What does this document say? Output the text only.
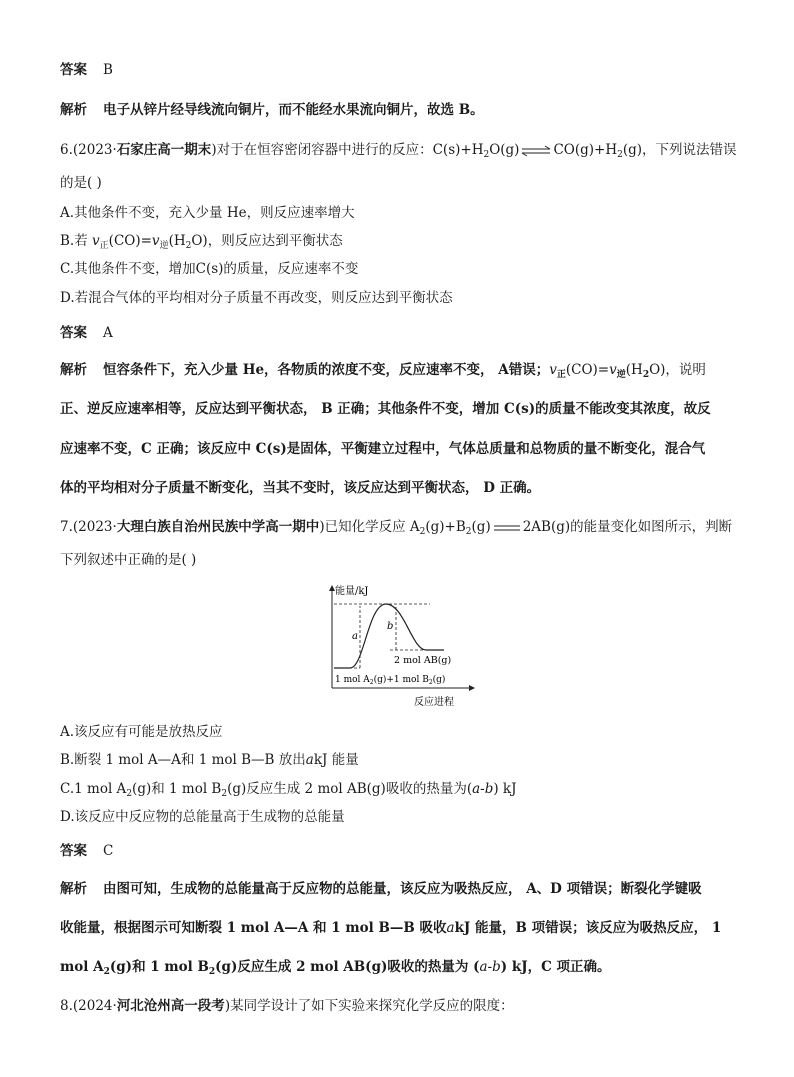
答案 B
解析 电子从锌片经导线流向铜片，而不能经水果流向铜片，故选 B。
6.(2023·石家庄高一期末)对于在恒容密闭容器中进行的反应：$C(s)+H_2O(g)$ ⇌ $CO(g)+H_2(g)$，下列说法错误
的是( )
A.其他条件不变，充入少量 He，则反应速率增大
B.若 $v_正(CO)=v_逆(H_2O)$，则反应达到平衡状态
C.其他条件不变，增加C(s)的质量，反应速率不变
D.若混合气体的平均相对分子质量不再改变，则反应达到平衡状态
答案 A
解析 恒容条件下，充入少量 He，各物质的浓度不变，反应速率不变， A错误；$v_正(CO)=v_逆(H_2O)$，说明
正、逆反应速率相等，反应达到平衡状态， B 正确；其他条件不变，增加 C(s)的质量不能改变其浓度，故反
应速率不变，C 正确；该反应中 C(s)是固体，平衡建立过程中，气体总质量和总物质的量不断变化，混合气
体的平均相对分子质量不断变化，当其不变时，该反应达到平衡状态， D 正确。
7.(2023·大理白族自治州民族中学高一期中)已知化学反应 $A_2(g)+B_2(g)$ 2AB(g)的能量变化如图所示，判断
下列叙述中正确的是( )
能量/kJ
反应进程
a
b
2 mol AB(g)
1 mol $A_2(g)+1$ mol $B_2(g)$
A.该反应有可能是放热反应
B.断裂 1 mol A—A和 1 mol B—B 放出akJ 能量
C.1 mol $A_2(g)$和 1 mol $B_2(g)$反应生成 2 mol AB(g)吸收的热量为(a-b) kJ
D.该反应中反应物的总能量高于生成物的总能量
答案 C
解析 由图可知，生成物的总能量高于反应物的总能量，该反应为吸热反应， A、D 项错误；断裂化学键吸
收能量，根据图示可知断裂 1 mol A—A 和 1 mol B—B 吸收akJ 能量，B 项错误；该反应为吸热反应， 1
mol $A_2(g)$和 1 mol $B_2(g)$反应生成 2 mol AB(g)吸收的热量为 (a-b) kJ，C 项正确。
8.(2024·河北沧州高一段考)某同学设计了如下实验来探究化学反应的限度：
